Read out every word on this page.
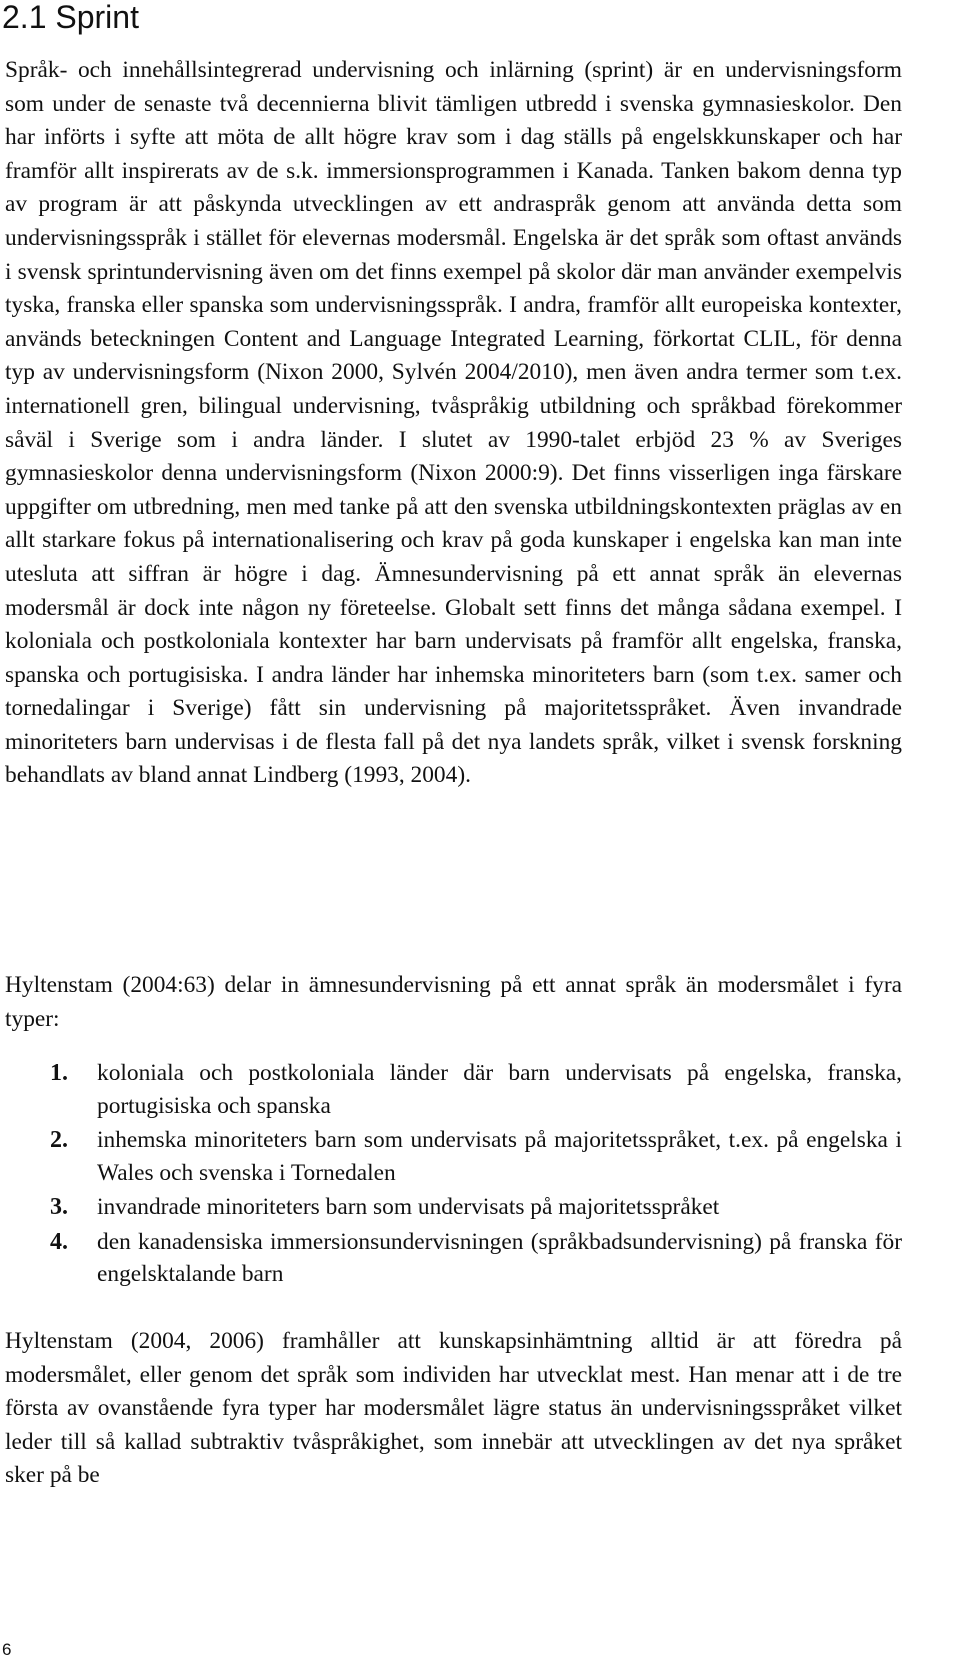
2.1 Sprint

Språk- och innehållsintegrerad undervisning och inlärning (sprint) är en undervisningsform som under de senaste två decennierna blivit tämligen utbredd i svenska gymnasieskolor. Den har införts i syfte att möta de allt högre krav som i dag ställs på engelskkunskaper och har framför allt inspirerats av de s.k. immersionsprogrammen i Kanada. Tanken bakom denna typ av program är att påskynda utvecklingen av ett andraspråk genom att använda detta som undervisningsspråk i stället för elevernas modersmål. Engelska är det språk som oftast används i svensk sprintundervisning även om det finns exempel på skolor där man använder exempelvis tyska, franska eller spanska som undervisningsspråk. I andra, framför allt europeiska kontexter, används beteckningen Content and Language Integrated Learning, förkortat CLIL, för denna typ av undervisningsform (Nixon 2000, Sylvén 2004/2010), men även andra termer som t.ex. internationell gren, bilingual undervisning, tvåspråkig utbildning och språkbad förekommer såväl i Sverige som i andra länder. I slutet av 1990-talet erbjöd 23 % av Sveriges gymnasieskolor denna undervisningsform (Nixon 2000:9). Det finns visserligen inga färskare uppgifter om utbredning, men med tanke på att den svenska utbildningskontexten präglas av en allt starkare fokus på internationalisering och krav på goda kunskaper i engelska kan man inte utesluta att siffran är högre i dag. Ämnesundervisning på ett annat språk än elevernas modersmål är dock inte någon ny företeelse. Globalt sett finns det många sådana exempel. I koloniala och postkoloniala kontexter har barn undervisats på framför allt engelska, franska, spanska och portugisiska. I andra länder har inhemska minoriteters barn (som t.ex. samer och tornedalingar i Sverige) fått sin undervisning på majoritetsspråket. Även invandrade minoriteters barn undervisas i de flesta fall på det nya landets språk, vilket i svensk forskning behandlats av bland annat Lindberg (1993, 2004).

Hyltenstam (2004:63) delar in ämnesundervisning på ett annat språk än modersmålet i fyra typer:

1. koloniala och postkoloniala länder där barn undervisats på engelska, franska, portugisiska och spanska
2. inhemska minoriteters barn som undervisats på majoritetsspråket, t.ex. på engelska i Wales och svenska i Tornedalen
3. invandrade minoriteters barn som undervisats på majoritetsspråket
4. den kanadensiska immersionsundervisningen (språkbadsundervisning) på franska för engelsktalande barn

Hyltenstam (2004, 2006) framhåller att kunskapsinhämtning alltid är att föredra på modersmålet, eller genom det språk som individen har utvecklat mest. Han menar att i de tre första av ovanstående fyra typer har modersmålet lägre status än undervisningsspråket vilket leder till så kallad subtraktiv tvåspråkighet, som innebär att utvecklingen av det nya språket sker på be

6
